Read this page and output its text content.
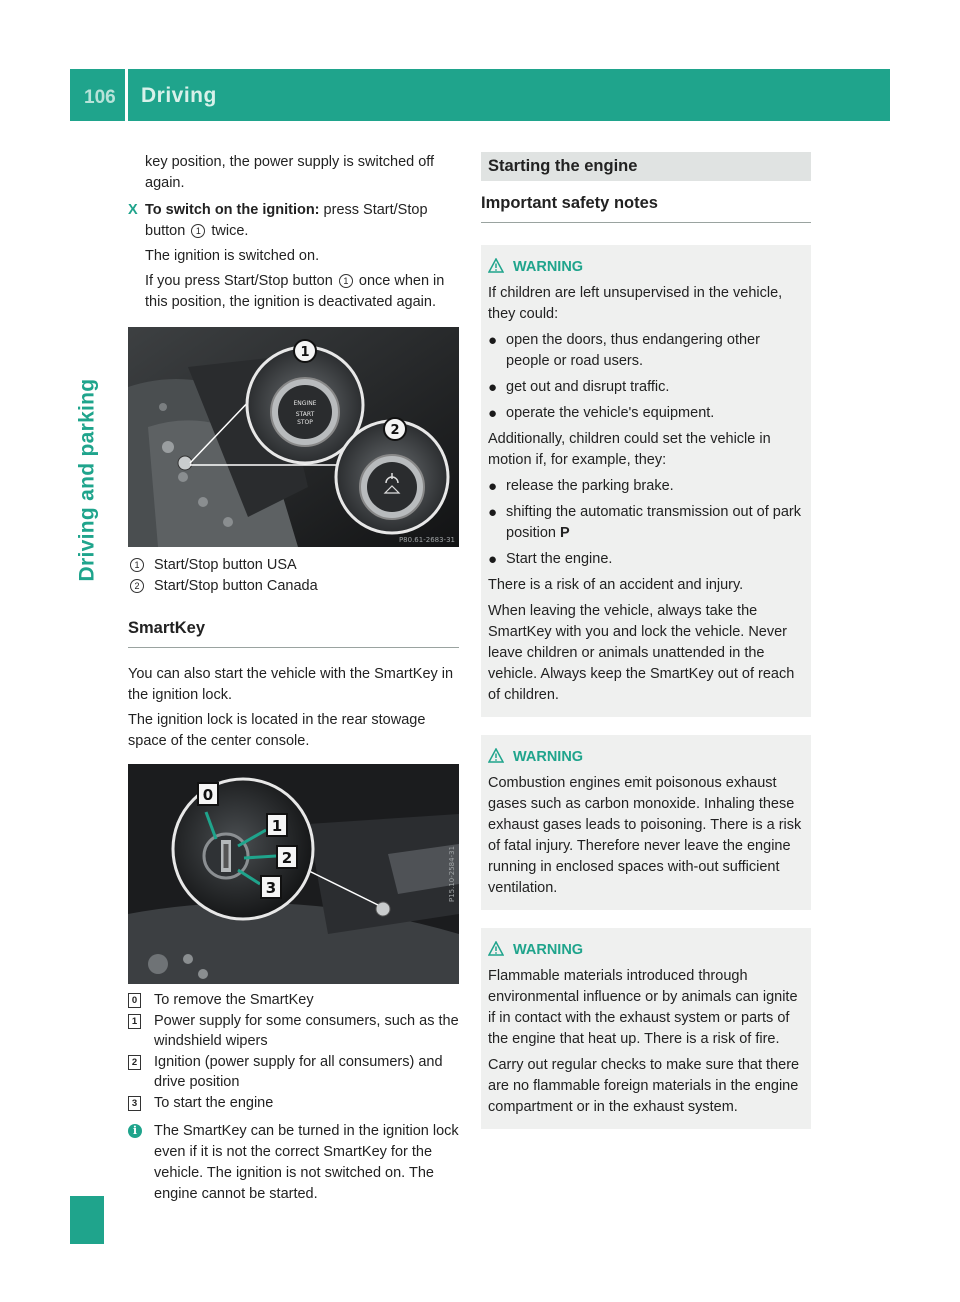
106 Driving
Driving and parking

key position, the power supply is switched off again.

X To switch on the ignition: press Start/Stop button 1 twice.

The ignition is switched on.

If you press Start/Stop button 1 once when in this position, the ignition is deactivated again.

ENGINE
START
STOP
1
2
P80.61-2683-31
1	Start/Stop button USA
2	Start/Stop button Canada
SmartKey

You can also start the vehicle with the SmartKey in the ignition lock.

The ignition lock is located in the rear stowage space of the center console.

0
1
2
3	P15.10-2584-31
0 To remove the SmartKey
1 Power supply for some consumers, such as the windshield wipers
2 Ignition (power supply for all consumers) and drive position
3 To start the engine
i	The SmartKey can be turned in the ignition lock even if it is not the correct SmartKey for the vehicle. The ignition is not switched on. The engine cannot be started.

Starting the engine
Important safety notes
WARNING

If children are left unsupervised in the vehicle, they could:

● open the doors, thus endangering other people or road users.
● get out and disrupt traffic.
● operate the vehicle's equipment.

Additionally, children could set the vehicle in motion if, for example, they:

● release the parking brake.
● shifting the automatic transmission out of park position P
● Start the engine.

There is a risk of an accident and injury.

When leaving the vehicle, always take the SmartKey with you and lock the vehicle. Never leave children or animals unattended in the vehicle. Always keep the SmartKey out of reach of children.

WARNING

Combustion engines emit poisonous exhaust gases such as carbon monoxide. Inhaling these exhaust gases leads to poisoning. There is a risk of fatal injury. Therefore never leave the engine running in enclosed spaces with-out sufficient ventilation.

WARNING

Flammable materials introduced through environmental influence or by animals can ignite if in contact with the exhaust system or parts of the engine that heat up. There is a risk of fire.

Carry out regular checks to make sure that there are no flammable foreign materials in the engine compartment or in the exhaust system.
